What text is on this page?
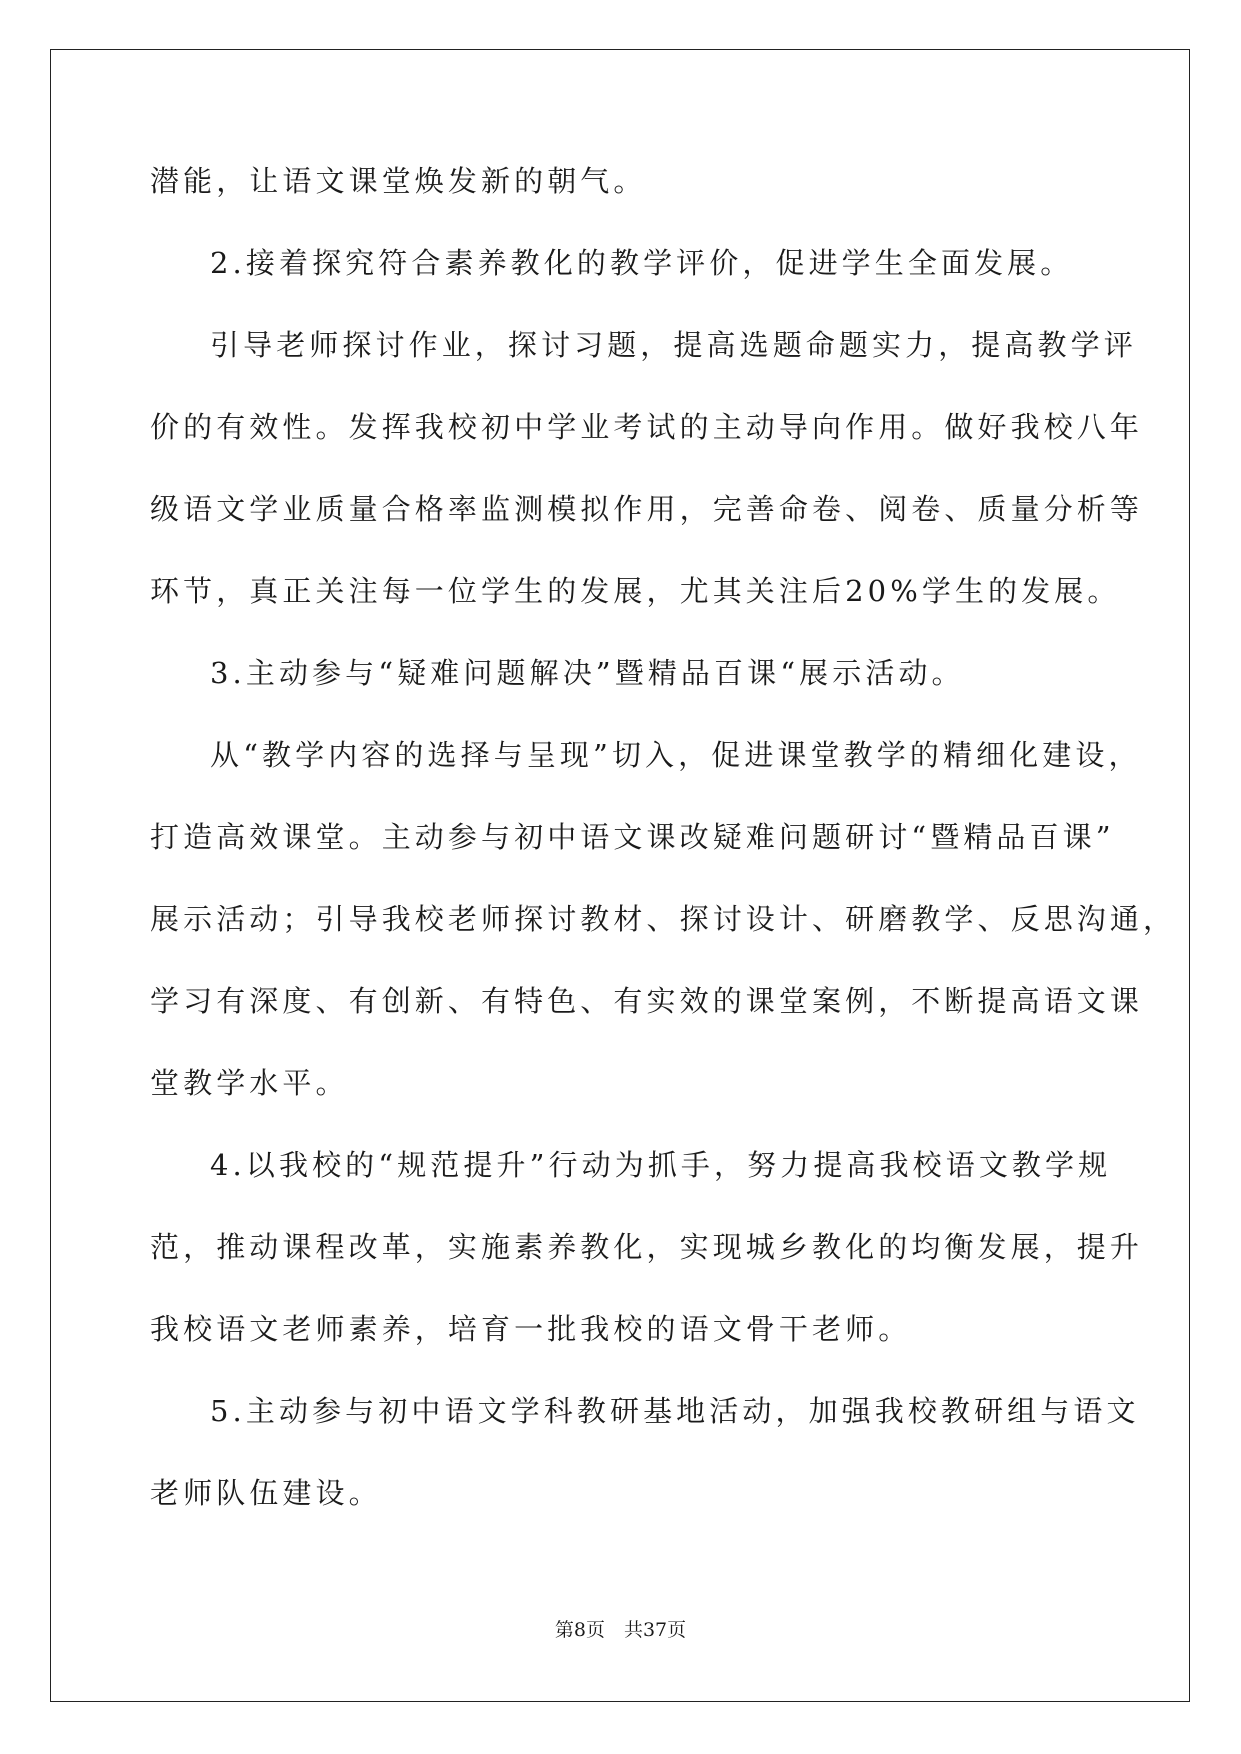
潜能，让语文课堂焕发新的朝气。
2.接着探究符合素养教化的教学评价，促进学生全面发展。
引导老师探讨作业，探讨习题，提高选题命题实力，提高教学评
价的有效性。发挥我校初中学业考试的主动导向作用。做好我校八年
级语文学业质量合格率监测模拟作用，完善命卷、阅卷、质量分析等
环节，真正关注每一位学生的发展，尤其关注后20%学生的发展。
3.主动参与“疑难问题解决”暨精品百课“展示活动。
从“教学内容的选择与呈现”切入，促进课堂教学的精细化建设，
打造高效课堂。主动参与初中语文课改疑难问题研讨“暨精品百课”
展示活动；引导我校老师探讨教材、探讨设计、研磨教学、反思沟通，
学习有深度、有创新、有特色、有实效的课堂案例，不断提高语文课
堂教学水平。
4.以我校的“规范提升”行动为抓手，努力提高我校语文教学规
范，推动课程改革，实施素养教化，实现城乡教化的均衡发展，提升
我校语文老师素养，培育一批我校的语文骨干老师。
5.主动参与初中语文学科教研基地活动，加强我校教研组与语文
老师队伍建设。
第8页　共37页
